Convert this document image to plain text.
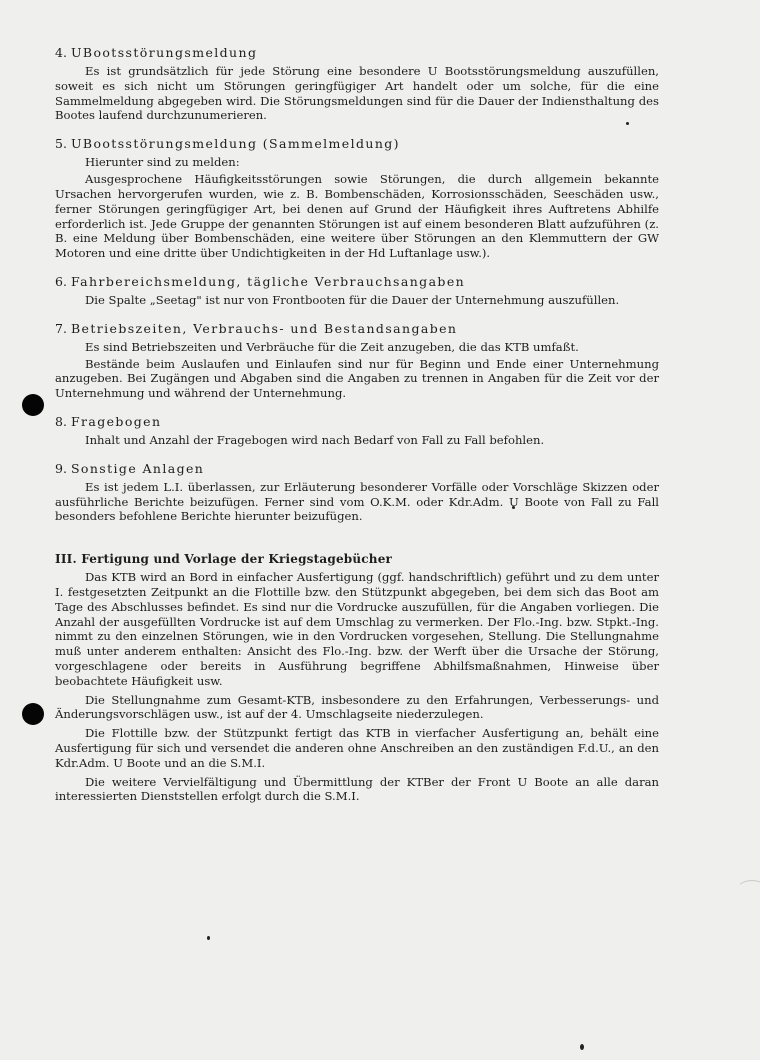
4. UBootsstörungsmeldung

Es ist grundsätzlich für jede Störung eine besondere U Bootsstörungsmeldung auszufüllen, soweit es sich nicht um Störungen geringfügiger Art handelt oder um solche, für die eine Sammelmeldung abgegeben wird. Die Störungsmeldungen sind für die Dauer der Indiensthaltung des Bootes laufend durchzunumerieren.

5. UBootsstörungsmeldung (Sammelmeldung)

Hierunter sind zu melden:

Ausgesprochene Häufigkeitsstörungen sowie Störungen, die durch allgemein bekannte Ursachen hervorgerufen wurden, wie z. B. Bombenschäden, Korrosionsschäden, Seeschäden usw., ferner Störungen geringfügiger Art, bei denen auf Grund der Häufigkeit ihres Auftretens Abhilfe erforderlich ist. Jede Gruppe der genannten Störungen ist auf einem besonderen Blatt aufzuführen (z. B. eine Meldung über Bombenschäden, eine weitere über Störungen an den Klemmuttern der GW Motoren und eine dritte über Undichtigkeiten in der Hd Luftanlage usw.).

6. Fahrbereichsmeldung, tägliche Verbrauchsangaben

Die Spalte „Seetag" ist nur von Frontbooten für die Dauer der Unternehmung auszufüllen.

7. Betriebszeiten, Verbrauchs- und Bestandsangaben

Es sind Betriebszeiten und Verbräuche für die Zeit anzugeben, die das KTB umfaßt.

Bestände beim Auslaufen und Einlaufen sind nur für Beginn und Ende einer Unternehmung anzugeben. Bei Zugängen und Abgaben sind die Angaben zu trennen in Angaben für die Zeit vor der Unternehmung und während der Unternehmung.

8. Fragebogen

Inhalt und Anzahl der Fragebogen wird nach Bedarf von Fall zu Fall befohlen.

9. Sonstige Anlagen

Es ist jedem L.I. überlassen, zur Erläuterung besonderer Vorfälle oder Vorschläge Skizzen oder ausführliche Berichte beizufügen. Ferner sind vom O.K.M. oder Kdr.Adm. U Boote von Fall zu Fall besonders befohlene Berichte hierunter beizufügen.

III. Fertigung und Vorlage der Kriegstagebücher

Das KTB wird an Bord in einfacher Ausfertigung (ggf. handschriftlich) geführt und zu dem unter I. festgesetzten Zeitpunkt an die Flottille bzw. den Stützpunkt abgegeben, bei dem sich das Boot am Tage des Abschlusses befindet. Es sind nur die Vordrucke auszufüllen, für die Angaben vorliegen. Die Anzahl der ausgefüllten Vordrucke ist auf dem Umschlag zu vermerken. Der Flo.-Ing. bzw. Stpkt.-Ing. nimmt zu den einzelnen Störungen, wie in den Vordrucken vorgesehen, Stellung. Die Stellungnahme muß unter anderem enthalten: Ansicht des Flo.-Ing. bzw. der Werft über die Ursache der Störung, vorgeschlagene oder bereits in Ausführung begriffene Abhilfsmaßnahmen, Hinweise über beobachtete Häufigkeit usw.

Die Stellungnahme zum Gesamt-KTB, insbesondere zu den Erfahrungen, Verbesserungs- und Änderungsvorschlägen usw., ist auf der 4. Umschlagseite niederzulegen.

Die Flottille bzw. der Stützpunkt fertigt das KTB in vierfacher Ausfertigung an, behält eine Ausfertigung für sich und versendet die anderen ohne Anschreiben an den zuständigen F.d.U., an den Kdr.Adm. U Boote und an die S.M.I.

Die weitere Vervielfältigung und Übermittlung der KTBer der Front U Boote an alle daran interessierten Dienststellen erfolgt durch die S.M.I.
